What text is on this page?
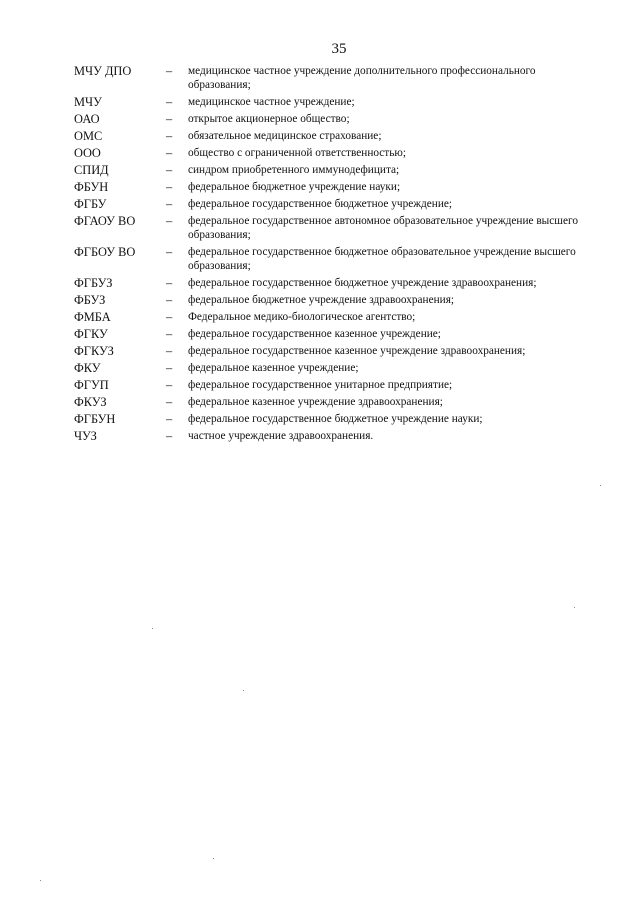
35
МЧУ ДПО	–	медицинское частное учреждение дополнительного профессионального образования;
МЧУ	–	медицинское частное учреждение;
ОАО	–	открытое акционерное общество;
ОМС	–	обязательное медицинское страхование;
ООО	–	общество с ограниченной ответственностью;
СПИД	–	синдром приобретенного иммунодефицита;
ФБУН	–	федеральное бюджетное учреждение науки;
ФГБУ	–	федеральное государственное бюджетное учреждение;
ФГАОУ ВО	–	федеральное государственное автономное образовательное учреждение высшего образования;
ФГБОУ ВО	–	федеральное государственное бюджетное образовательное учреждение высшего образования;
ФГБУЗ	–	федеральное государственное бюджетное учреждение здравоохранения;
ФБУЗ	–	федеральное бюджетное учреждение здравоохранения;
ФМБА	–	Федеральное медико-биологическое агентство;
ФГКУ	–	федеральное государственное казенное учреждение;
ФГКУЗ	–	федеральное государственное казенное учреждение здравоохранения;
ФКУ	–	федеральное казенное учреждение;
ФГУП	–	федеральное государственное унитарное предприятие;
ФКУЗ	–	федеральное казенное учреждение здравоохранения;
ФГБУН	–	федеральное государственное бюджетное учреждение науки;
ЧУЗ	–	частное учреждение здравоохранения.
